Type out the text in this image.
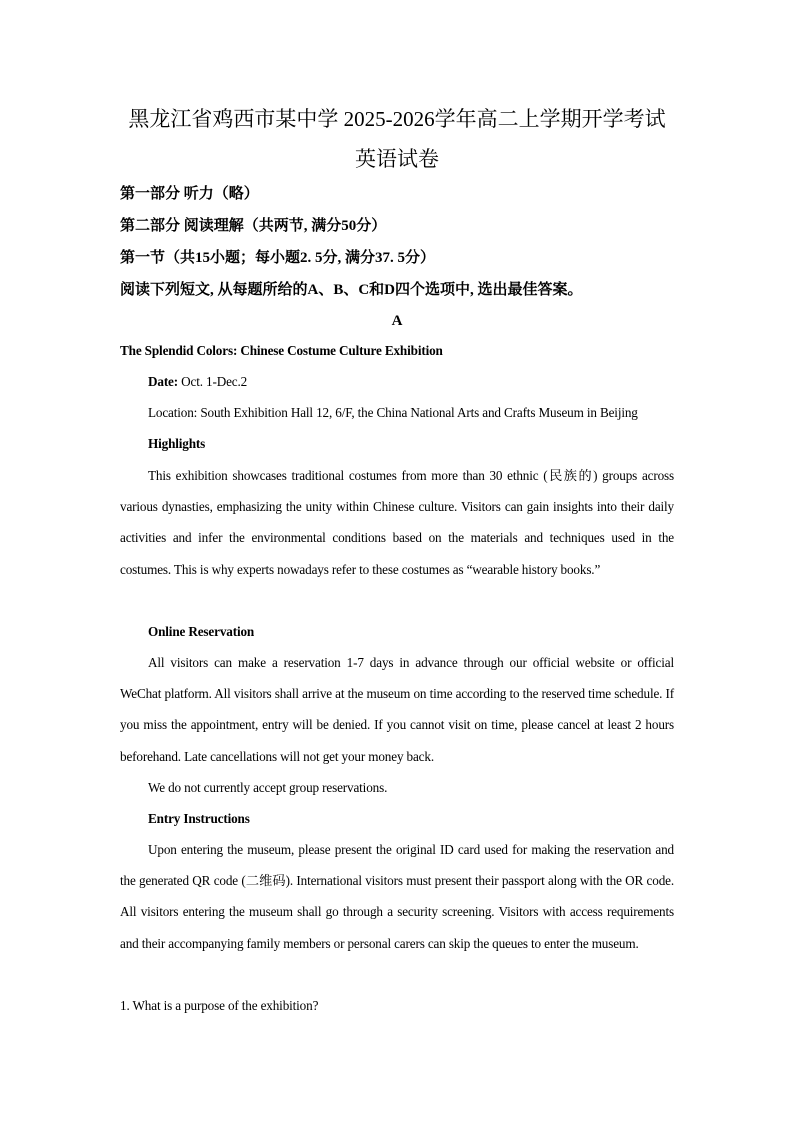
黑龙江省鸡西市某中学 2025-2026学年高二上学期开学考试
英语试卷
第一部分 听力（略）
第二部分 阅读理解（共两节, 满分50分）
第一节（共15小题；每小题2. 5分, 满分37. 5分）
阅读下列短文, 从每题所给的A、B、C和D四个选项中, 选出最佳答案。
A
The Splendid Colors: Chinese Costume Culture Exhibition
Date: Oct. 1-Dec.2
Location: South Exhibition Hall 12, 6/F, the China National Arts and Crafts Museum in Beijing
Highlights

This exhibition showcases traditional costumes from more than 30 ethnic (民族的) groups across various dynasties, emphasizing the unity within Chinese culture. Visitors can gain insights into their daily activities and infer the environmental conditions based on the materials and techniques used in the costumes. This is why experts nowadays refer to these costumes as “wearable history books.”

Online Reservation

All visitors can make a reservation 1-7 days in advance through our official website or official WeChat platform. All visitors shall arrive at the museum on time according to the reserved time schedule. If you miss the appointment, entry will be denied. If you cannot visit on time, please cancel at least 2 hours beforehand. Late cancellations will not get your money back.

We do not currently accept group reservations.
Entry Instructions

Upon entering the museum, please present the original ID card used for making the reservation and the generated QR code (二维码). International visitors must present their passport along with the OR code. All visitors entering the museum shall go through a security screening. Visitors with access requirements and their accompanying family members or personal carers can skip the queues to enter the museum.

1. What is a purpose of the exhibition?
